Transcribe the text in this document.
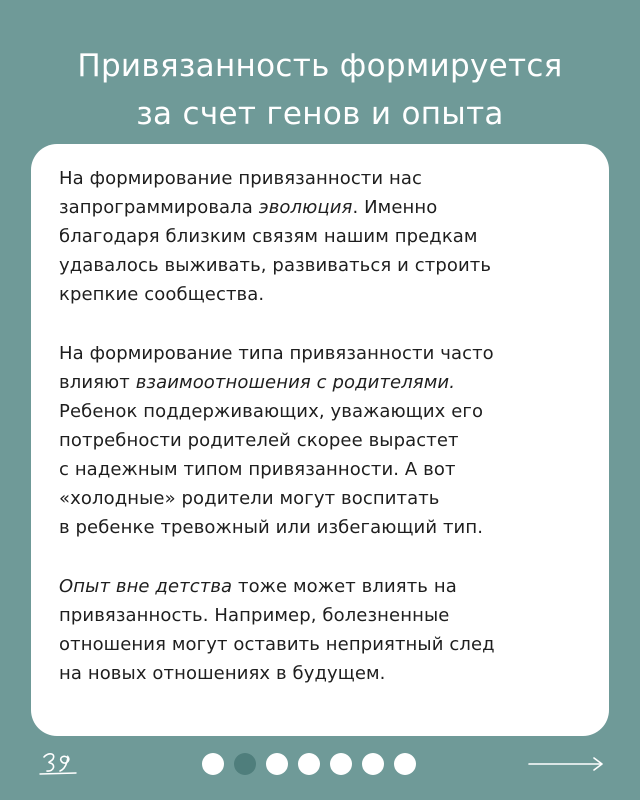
Привязанность формируется
за счет генов и опыта

На формирование привязанности нас
запрограммировала эволюция. Именно
благодаря близким связям нашим предкам
удавалось выживать, развиваться и строить
крепкие сообщества.

На формирование типа привязанности часто
влияют взаимоотношения с родителями.
Ребенок поддерживающих, уважающих его
потребности родителей скорее вырастет
с надежным типом привязанности. А вот
«холодные» родители могут воспитать
в ребенке тревожный или избегающий тип.

Опыт вне детства тоже может влиять на
привязанность. Например, болезненные
отношения могут оставить неприятный след
на новых отношениях в будущем.
